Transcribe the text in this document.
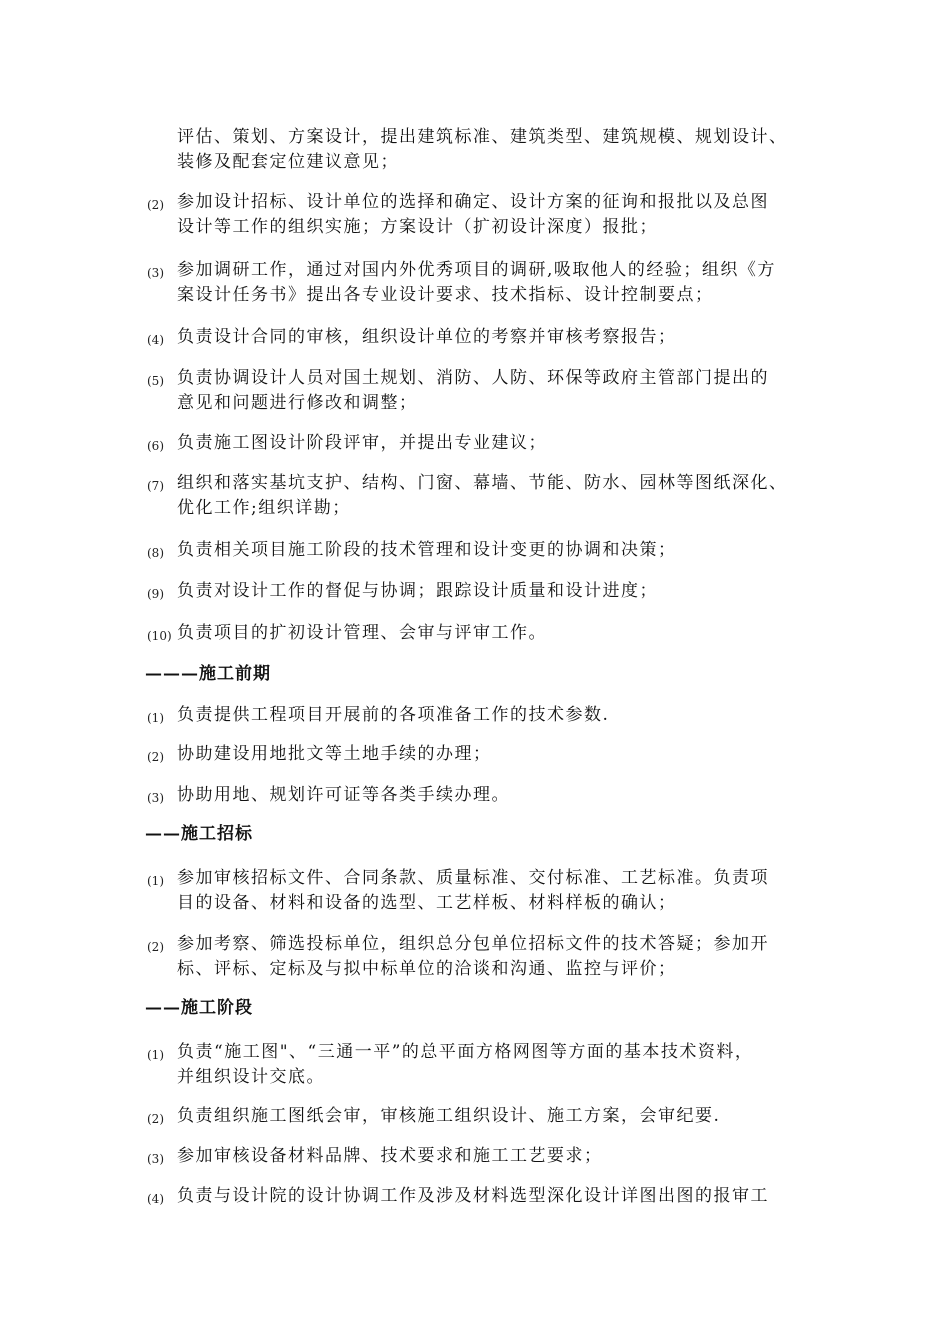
评估、策划、方案设计，提出建筑标准、建筑类型、建筑规模、规划设计、
装修及配套定位建议意见；
(2) 参加设计招标、设计单位的选择和确定、设计方案的征询和报批以及总图
设计等工作的组织实施；方案设计（扩初设计深度）报批；
(3) 参加调研工作，通过对国内外优秀项目的调研,吸取他人的经验；组织《方
案设计任务书》提出各专业设计要求、技术指标、设计控制要点；
(4) 负责设计合同的审核，组织设计单位的考察并审核考察报告；
(5) 负责协调设计人员对国土规划、消防、人防、环保等政府主管部门提出的
意见和问题进行修改和调整；
(6) 负责施工图设计阶段评审，并提出专业建议；
(7) 组织和落实基坑支护、结构、门窗、幕墙、节能、防水、园林等图纸深化、
优化工作;组织详勘；
(8) 负责相关项目施工阶段的技术管理和设计变更的协调和决策；
(9) 负责对设计工作的督促与协调；跟踪设计质量和设计进度；
(10) 负责项目的扩初设计管理、会审与评审工作。
———施工前期
(1) 负责提供工程项目开展前的各项准备工作的技术参数.
(2) 协助建设用地批文等土地手续的办理；
(3) 协助用地、规划许可证等各类手续办理。
——施工招标
(1) 参加审核招标文件、合同条款、质量标准、交付标准、工艺标准。负责项
目的设备、材料和设备的选型、工艺样板、材料样板的确认；
(2) 参加考察、筛选投标单位，组织总分包单位招标文件的技术答疑；参加开
标、评标、定标及与拟中标单位的洽谈和沟通、监控与评价；
——施工阶段
(1) 负责“施工图"、“三通一平”的总平面方格网图等方面的基本技术资料，
并组织设计交底。
(2) 负责组织施工图纸会审，审核施工组织设计、施工方案，会审纪要.
(3) 参加审核设备材料品牌、技术要求和施工工艺要求；
(4) 负责与设计院的设计协调工作及涉及材料选型深化设计详图出图的报审工
